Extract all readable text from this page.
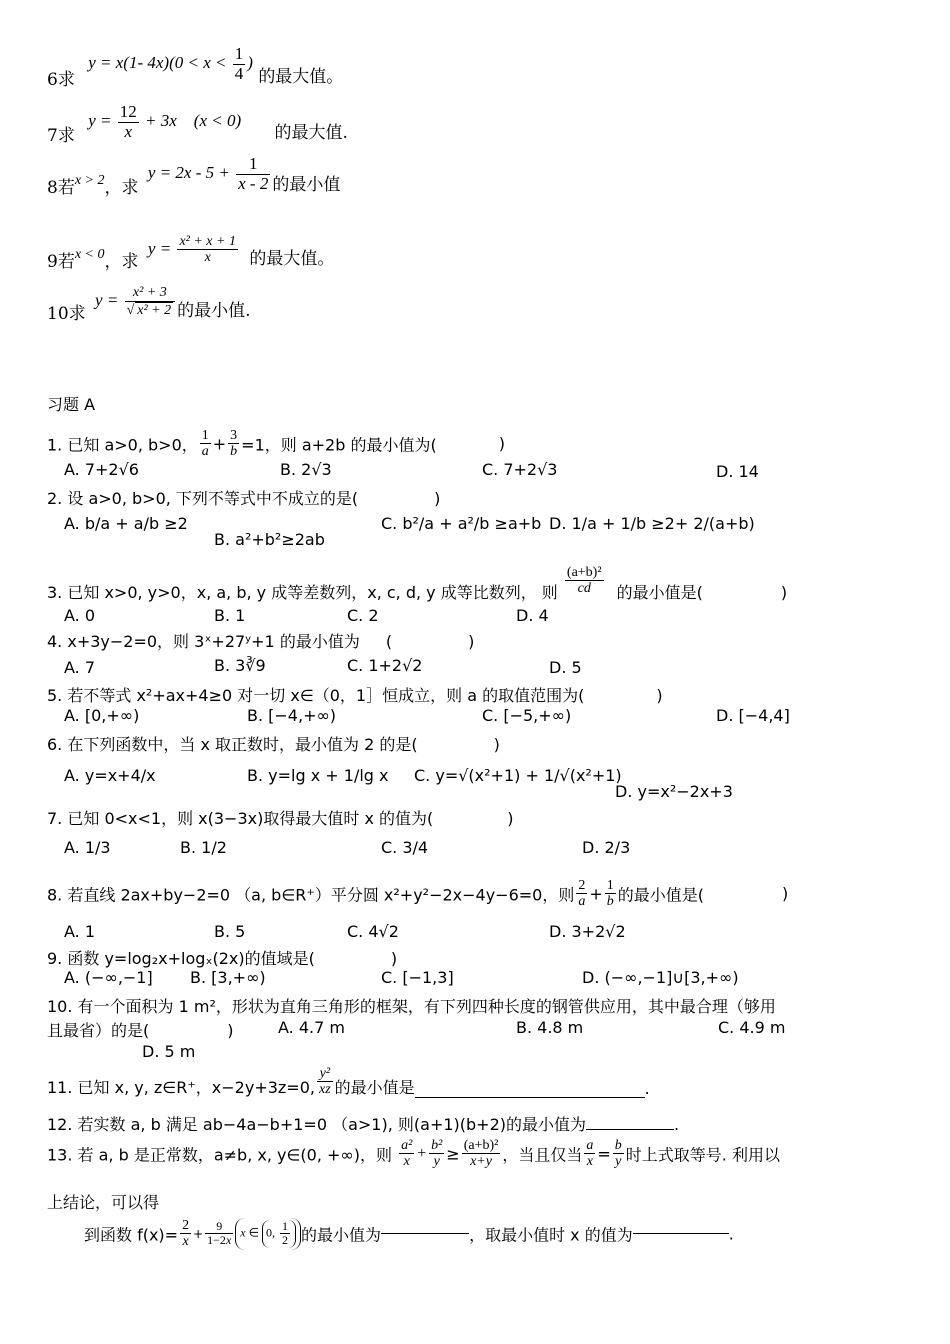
6求 y = x(1- $4x)(0 < x < \frac{1}{4}$ ) 的最大值。
7求 $y = \frac{12}{x} + 3x$    (x < 0) 的最大值.
8若x > 2，求 $y = 2x - 5 + \frac{1}{x - 2}$ 的最小值
9若x < 0，求 $y = \frac{\text{x² + x + 1}}{x}$ 的最大值。
10求 $y = \frac{\text{x² + 3}}{\text{√ x² + 2}}$ 的最小值.
习题 A
1. 已知 a>0, b>0， $\frac{1}{a} + \frac{3}{b} =1$，则 a+2b 的最小值为(	)
A. 7+2√6	B. 2√3	C. 7+2√3	D. 14
2. 设 a>0, b>0, 下列不等式中不成立的是(	)
A. b/a + a/b ≥2
B. a²+b²≥2ab
C. b²/a + a²/b ≥a+b D. 1/a + 1/b ≥2+ 2/(a+b)
3. 已知 x>0, y>0，x, a, b, y 成等差数列，x, c, d, y 成等比数列， 则 $\frac{\text{(a+b)²}}{cd}$ 的最小值是(	)
A. 0	B. 1	C. 2	D. 4
4. x+3y−2=0，则 3ˣ+27ʸ+1 的最小值为 (	)
A. 7	B. 3∛9	C. 1+2√2	D. 5
5. 若不等式 x²+ax+4≥0 对一切 x∈（0，1］恒成立，则 a 的取值范围为(	)
A. [0,+∞)	B. [−4,+∞)	C. [−5,+∞)	D. [−4,4]
6. 在下列函数中，当 x 取正数时，最小值为 2 的是(	)
A. y=x+4/x	B. y=lg x + 1/lg x C. y=√(x²+1) + 1/√(x²+1)
D. y=x²−2x+3
7. 已知 0<x<1，则 x(3−3x)取得最大值时 x 的值为(	)
A. 1/3	B. 1/2	C. 3/4	D. 2/3
8. 若直线 2ax+by−2=0 （a, b∈R⁺）平分圆 x²+y²−2x−4y−6=0，则 $\frac{2}{a} + \frac{1}{b}$ 的最小值是(	)
A. 1	B. 5	C. 4√2	D. 3+2√2
9. 函数 y=log₂x+logₓ(2x)的值域是(	)
A. (−∞,−1] B. [3,+∞)	C. [−1,3]	D. (−∞,−1]∪[3,+∞)
10. 有一个面积为 1 m²，形状为直角三角形的框架，有下列四种长度的钢管供应用，其中最合理（够用
且最省）的是(	)	A. 4.7 m	B. 4.8 m	C. 4.9 m
D. 5 m
11. 已知 x, y, z∈R⁺，x−2y+3z=0, $\frac{\text{y²}}{xz}$ 的最小值是	.
12. 若实数 a, b 满足 ab−4a−b+1=0 （a>1), 则(a+1)(b+2)的最小值为	.
13. 若 a, b 是正常数，a≠b, x, y∈(0, +∞)，则 $\frac{\text{a²}}{x} + \frac{\text{b²}}{y} \ge \frac{\text{(a+b)²}}{x+y}$ ，当且仅当 $\frac{a}{x} = \frac{b}{y}$ 时上式取等号. 利用以
上结论，可以得
到函数 $f(x)= \frac{2}{x} + \frac{9}{1-2x}$ x ∈ 0, $\frac{1}{2}$ 的最小值为	，取最小值时 x 的值为	.
